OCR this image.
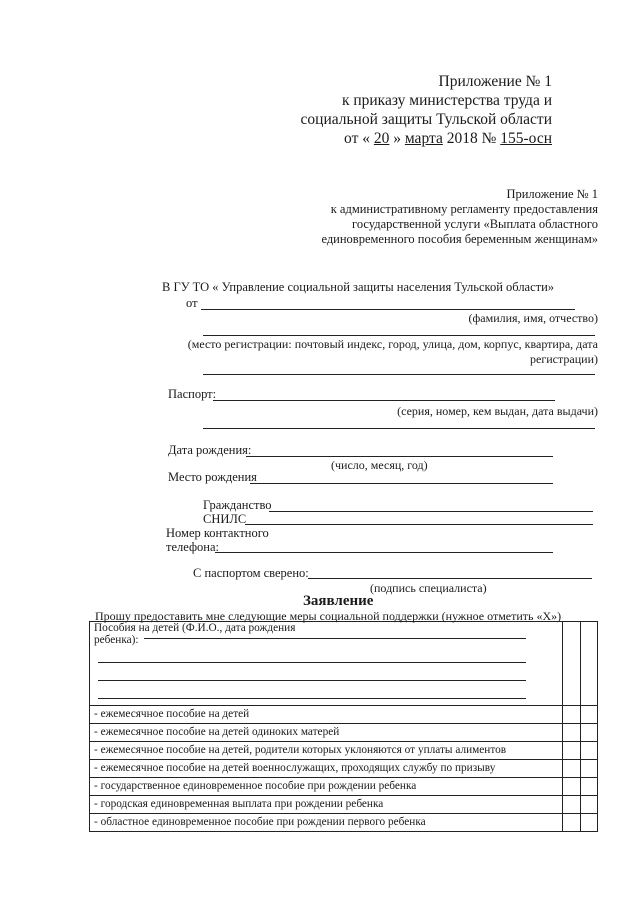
Приложение № 1
к приказу министерства труда и
социальной защиты Тульской области
от « 20 » марта 2018 № 155-осн
Приложение № 1
к административному регламенту предоставления
государственной услуги «Выплата областного
единовременного пособия беременным женщинам»
В ГУ ТО « Управление социальной защиты населения Тульской области»
от
(фамилия, имя, отчество)
(место регистрации: почтовый индекс, город, улица, дом, корпус, квартира, дата
регистрации)
Паспорт:
(серия, номер, кем выдан, дата выдачи)
Дата рождения:
(число, месяц, год)
Место рождения
Гражданство
СНИЛС
Номер контактного
телефона:
С паспортом сверено:
(подпись специалиста)
Заявление
Прошу предоставить мне следующие меры социальной поддержки (нужное отметить «Х»)
Пособия на детей (Ф.И.О., дата рождения
ребенка):		

- ежемесячное пособие на детей		
- ежемесячное пособие на детей одиноких матерей		
- ежемесячное пособие на детей, родители которых уклоняются от уплаты алиментов		
- ежемесячное пособие на детей военнослужащих, проходящих службу по призыву		
- государственное единовременное пособие при рождении ребенка		
- городская единовременная выплата при рождении ребенка		
- областное единовременное пособие при рождении первого ребенка		
